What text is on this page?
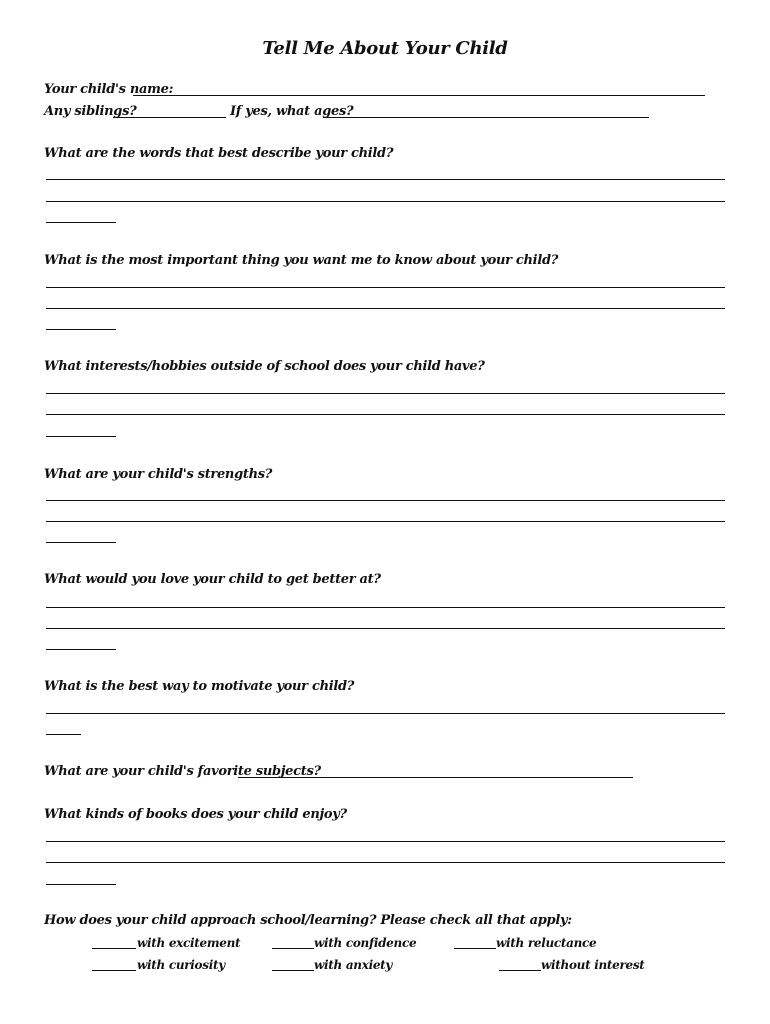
Tell Me About Your Child
Your child's name:
Any siblings?	If yes, what ages?
What are the words that best describe your child?
What is the most important thing you want me to know about your child?
What interests/hobbies outside of school does your child have?
What are your child's strengths?
What would you love your child to get better at?
What is the best way to motivate your child?
What are your child's favorite subjects?
What kinds of books does your child enjoy?
How does your child approach school/learning? Please check all that apply:
with excitement	with confidence	with reluctance
with curiosity	with anxiety	without interest
